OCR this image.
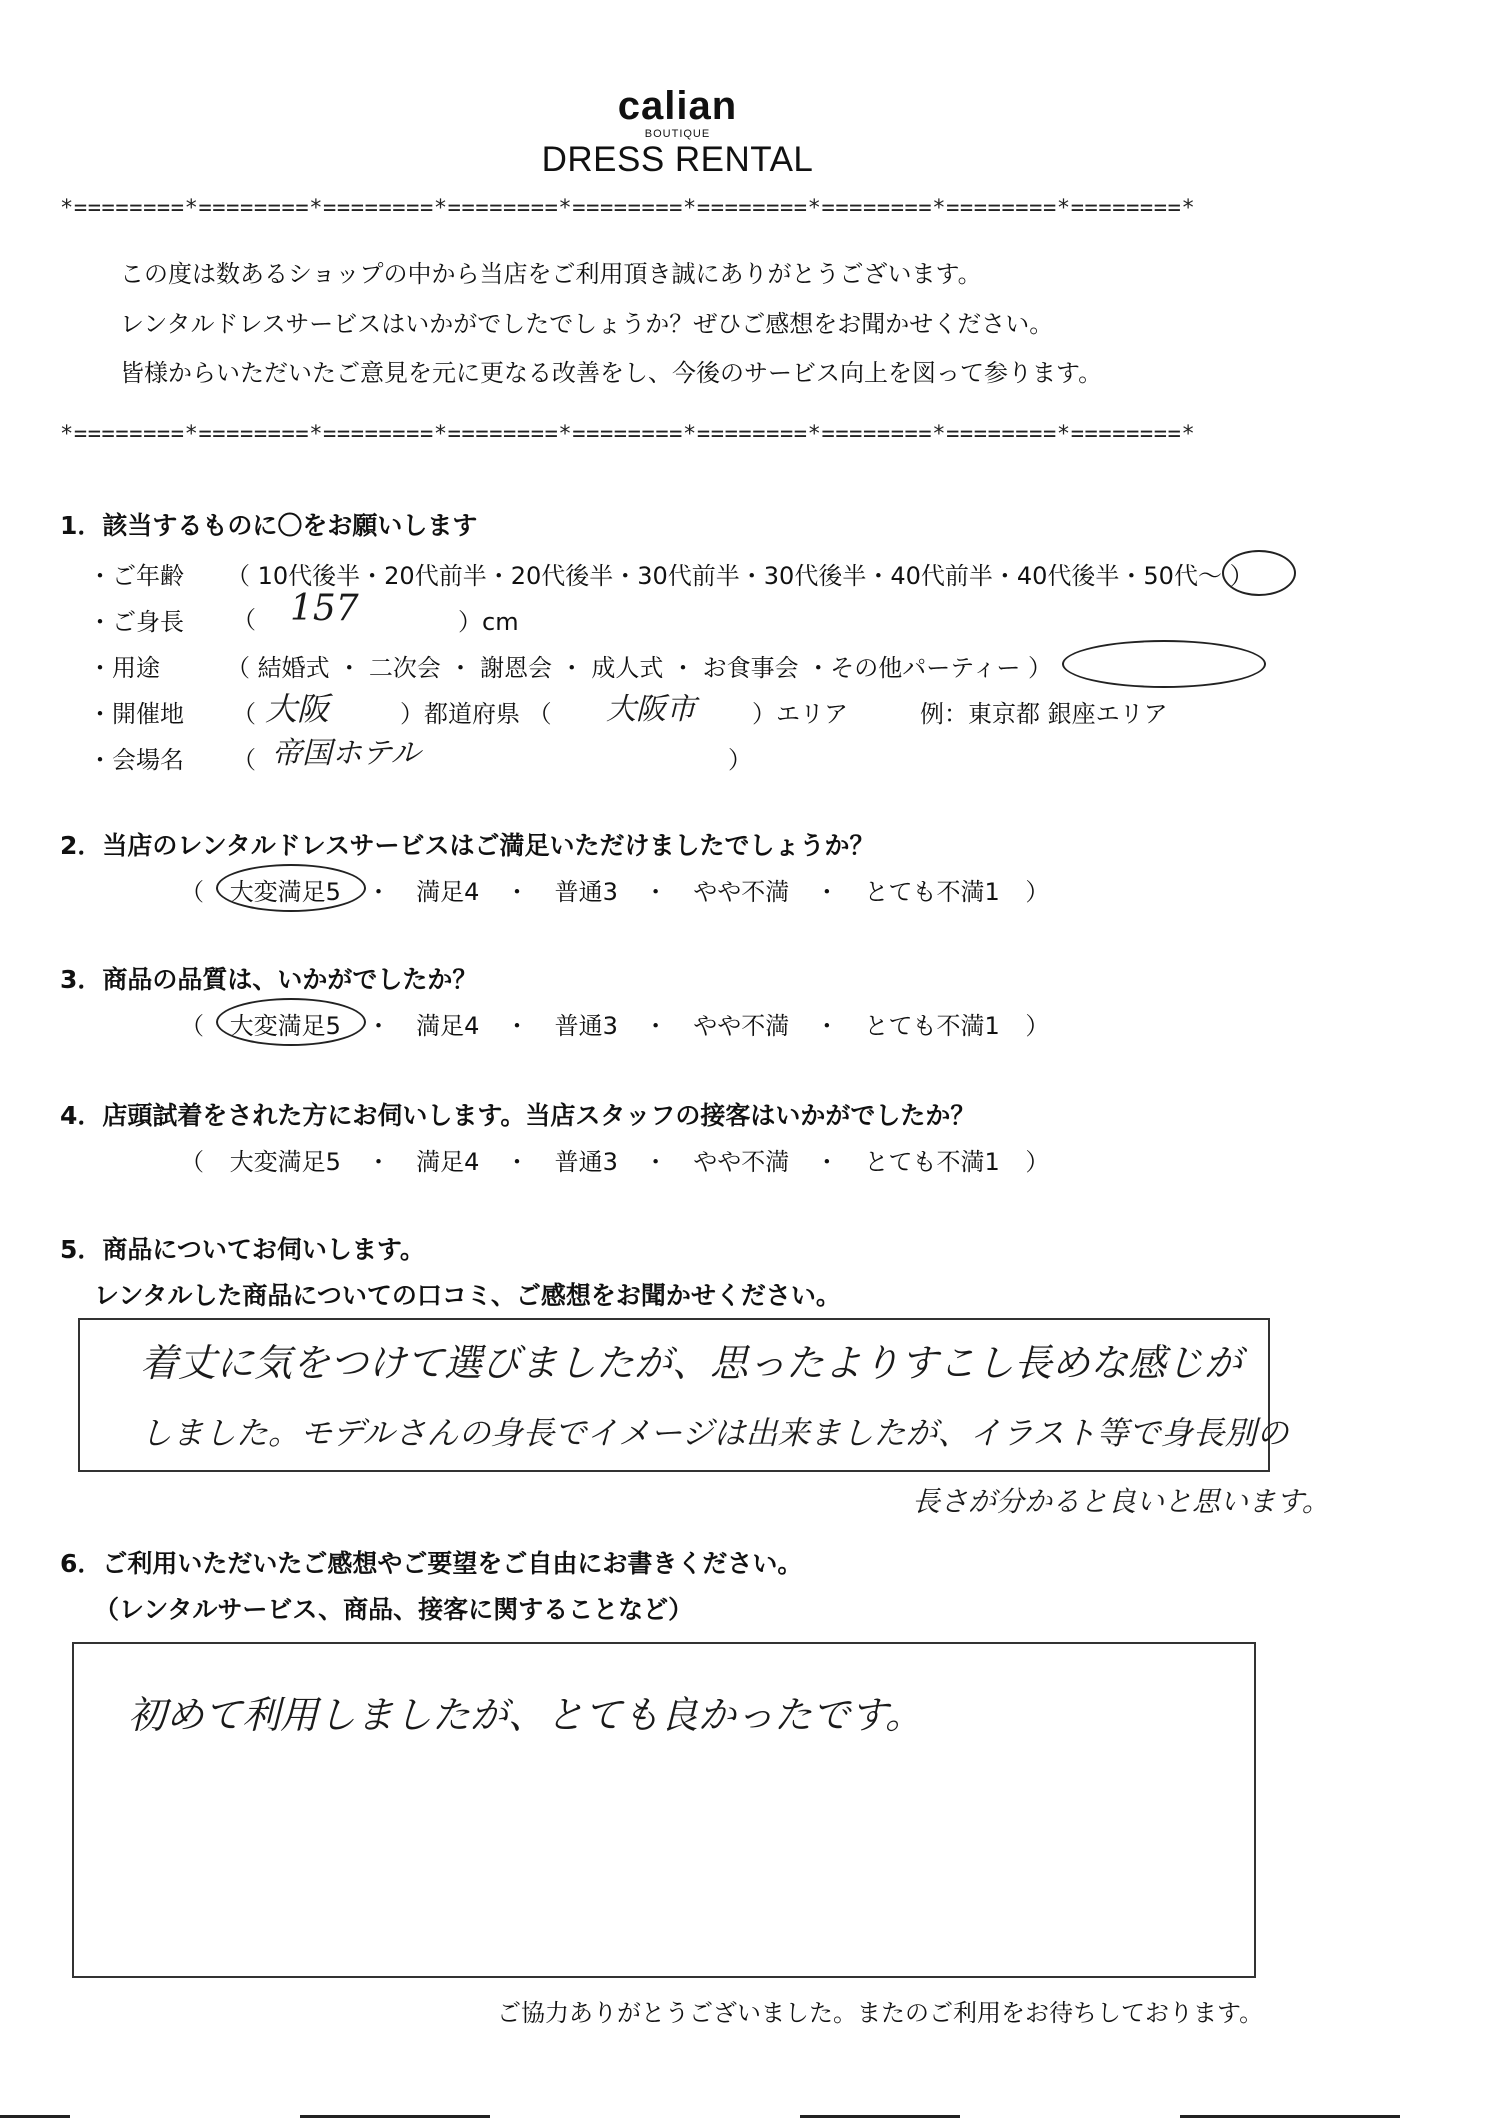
calian
BOUTIQUE
DRESS RENTAL
*========*========*========*========*========*========*========*========*========*
この度は数あるショップの中から当店をご利用頂き誠にありがとうございます。
レンタルドレスサービスはいかがでしたでしょうか？ぜひご感想をお聞かせください。
皆様からいただいたご意見を元に更なる改善をし、今後のサービス向上を図って参ります。
*========*========*========*========*========*========*========*========*========*
1．該当するものに〇をお願いします
・ご年齢 （ 10代後半・20代前半・20代後半・30代前半・30代後半・40代前半・40代後半・50代～ ）
・ご身長 （ 157	）cm
・用途	（ 結婚式 ・ 二次会 ・ 謝恩会 ・ 成人式 ・ お食事会 ・その他パーティー ）
・開催地 （ 大阪	）都道府県 （ 大阪市 ）エリア	例：東京都 銀座エリア
・会場名 （ 帝国ホテル	）
2．当店のレンタルドレスサービスはご満足いただけましたでしょうか？
（ 大変満足5 ・ 満足4 ・ 普通3 ・ やや不満 ・ とても不満1 ）
3．商品の品質は、いかがでしたか？
（ 大変満足5 ・ 満足4 ・ 普通3 ・ やや不満 ・ とても不満1 ）
4．店頭試着をされた方にお伺いします。当店スタッフの接客はいかがでしたか？
（ 大変満足5 ・ 満足4 ・ 普通3 ・ やや不満 ・ とても不満1 ）
5．商品についてお伺いします。
レンタルした商品についての口コミ、ご感想をお聞かせください。
着丈に気をつけて選びましたが、思ったよりすこし長めな感じが
しました。モデルさんの身長でイメージは出来ましたが、イラスト等で身長別の
長さが分かると良いと思います。
6．ご利用いただいたご感想やご要望をご自由にお書きください。
（レンタルサービス、商品、接客に関することなど）
初めて利用しましたが、とても良かったです。
ご協力ありがとうございました。またのご利用をお待ちしております。
